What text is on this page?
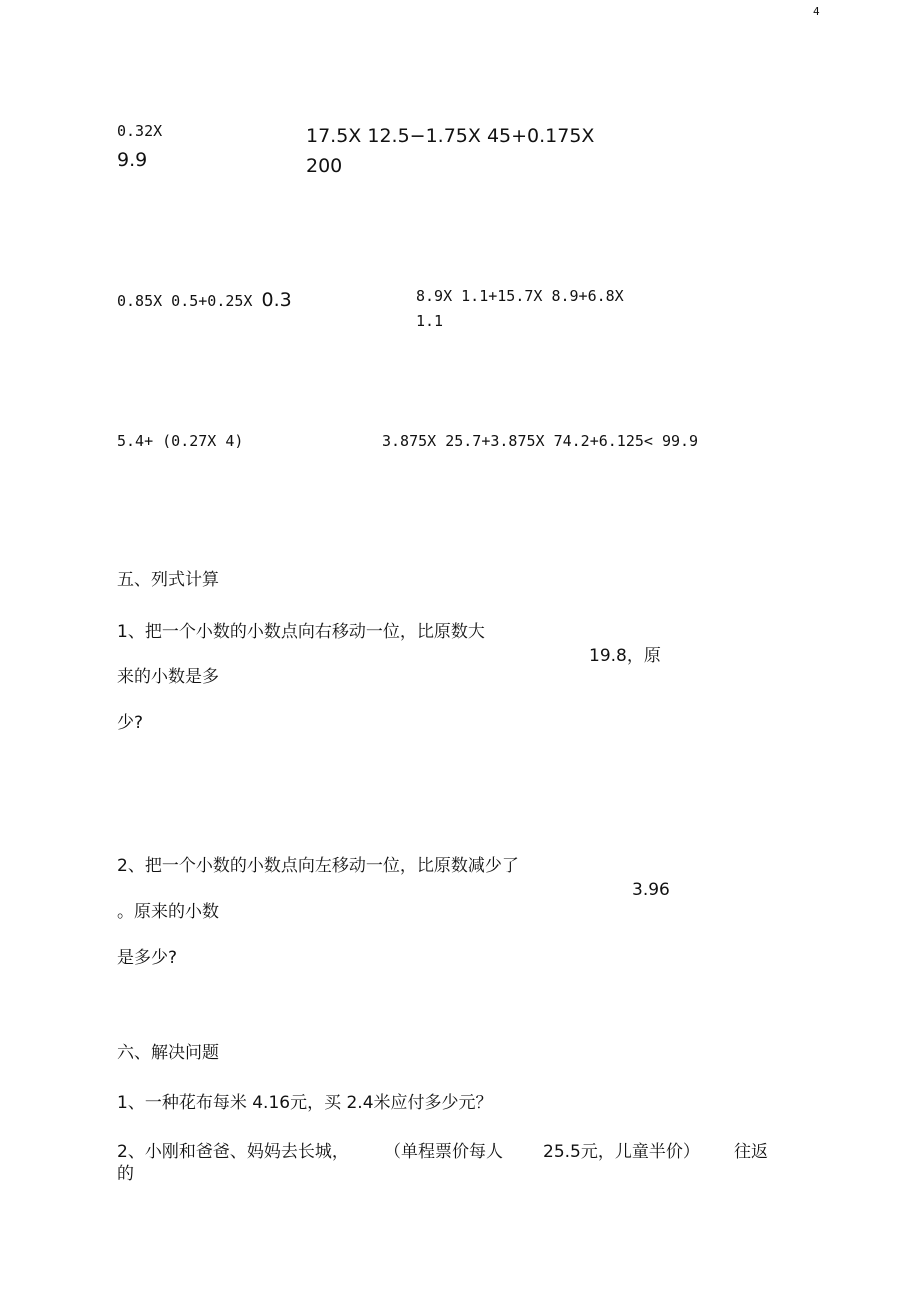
4
0.32X
9.9
17.5X 12.5−1.75X 45+0.175X
200
0.85X 0.5+0.25X 0.3	8.9X 1.1+15.7X 8.9+6.8X
1.1
5.4+ (0.27X 4)	3.875X 25.7+3.875X 74.2+6.125< 99.9
五、列式计算
1、把一个小数的小数点向右移动一位，比原数大
19.8，原
来的小数是多
少?
2、把一个小数的小数点向左移动一位，比原数减少了
3.96
。原来的小数
是多少?
六、解决问题
1、一种花布每米 4.16元，买 2.4米应付多少元？
2、小刚和爸爸、妈妈去长城， （单程票价每人 25.5元，儿童半价） 往返
的
